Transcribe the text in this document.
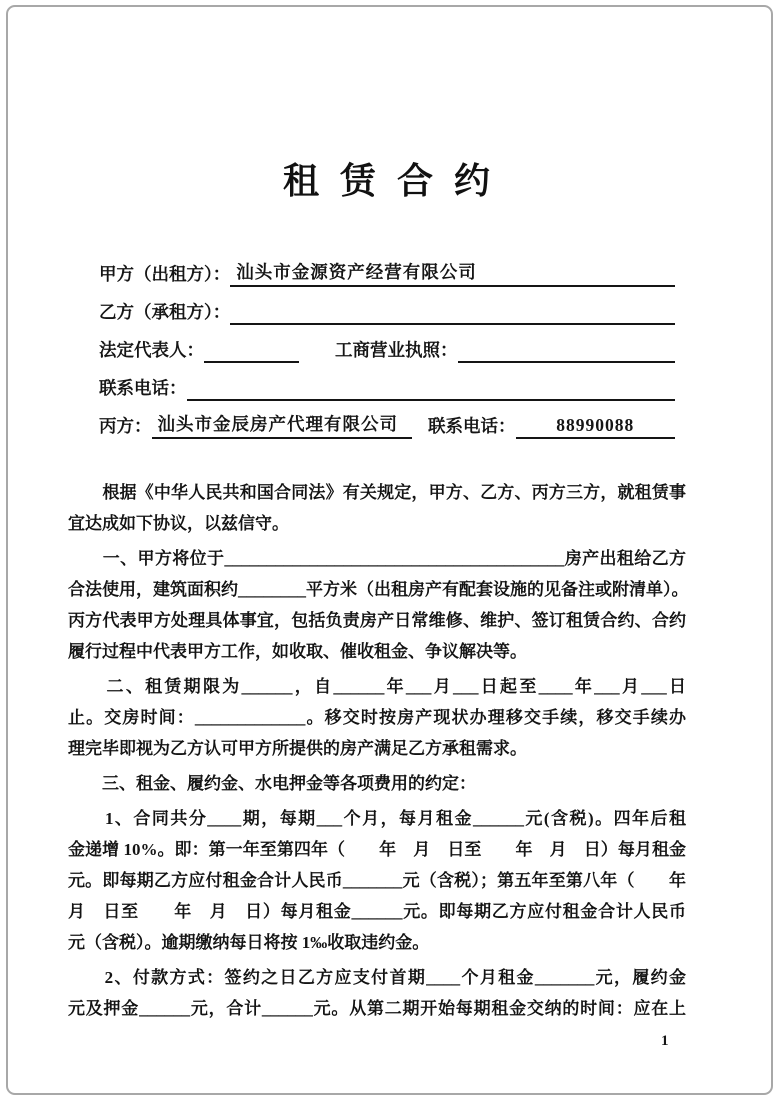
租 赁 合 约
甲方（出租方）： 汕头市金源资产经营有限公司
乙方（承租方）：
法定代表人：	工商营业执照：
联系电话：
丙方： 汕头市金辰房产代理有限公司 联系电话： 88990088
　　根据《中华人民共和国合同法》有关规定，甲方、乙方、丙方三方，就租赁事
宜达成如下协议，以兹信守。
　　一、甲方将位于________________________________________房产出租给乙方
合法使用，建筑面积约________平方米（出租房产有配套设施的见备注或附清单）。
丙方代表甲方处理具体事宜，包括负责房产日常维修、维护、签订租赁合约、合约
履行过程中代表甲方工作，如收取、催收租金、争议解决等。
　　二、租赁期限为______，自______年___月___日起至____年___月___日
止。交房时间：_____________。移交时按房产现状办理移交手续，移交手续办
理完毕即视为乙方认可甲方所提供的房产满足乙方承租需求。
　　三、租金、履约金、水电押金等各项费用的约定：
　　1、合同共分____期，每期___个月，每月租金______元(含税)。四年后租
金递增 10%。即：第一年至第四年（　　年　月　日至　　年　月　日）每月租金
元。即每期乙方应付租金合计人民币_______元（含税）；第五年至第八年（　　年
月　日至　　年　月　日）每月租金______元。即每期乙方应付租金合计人民币
元（含税）。逾期缴纳每日将按 1‰收取违约金。
　　2、付款方式：签约之日乙方应支付首期____个月租金_______元，履约金
元及押金______元，合计______元。从第二期开始每期租金交纳的时间：应在上
1
